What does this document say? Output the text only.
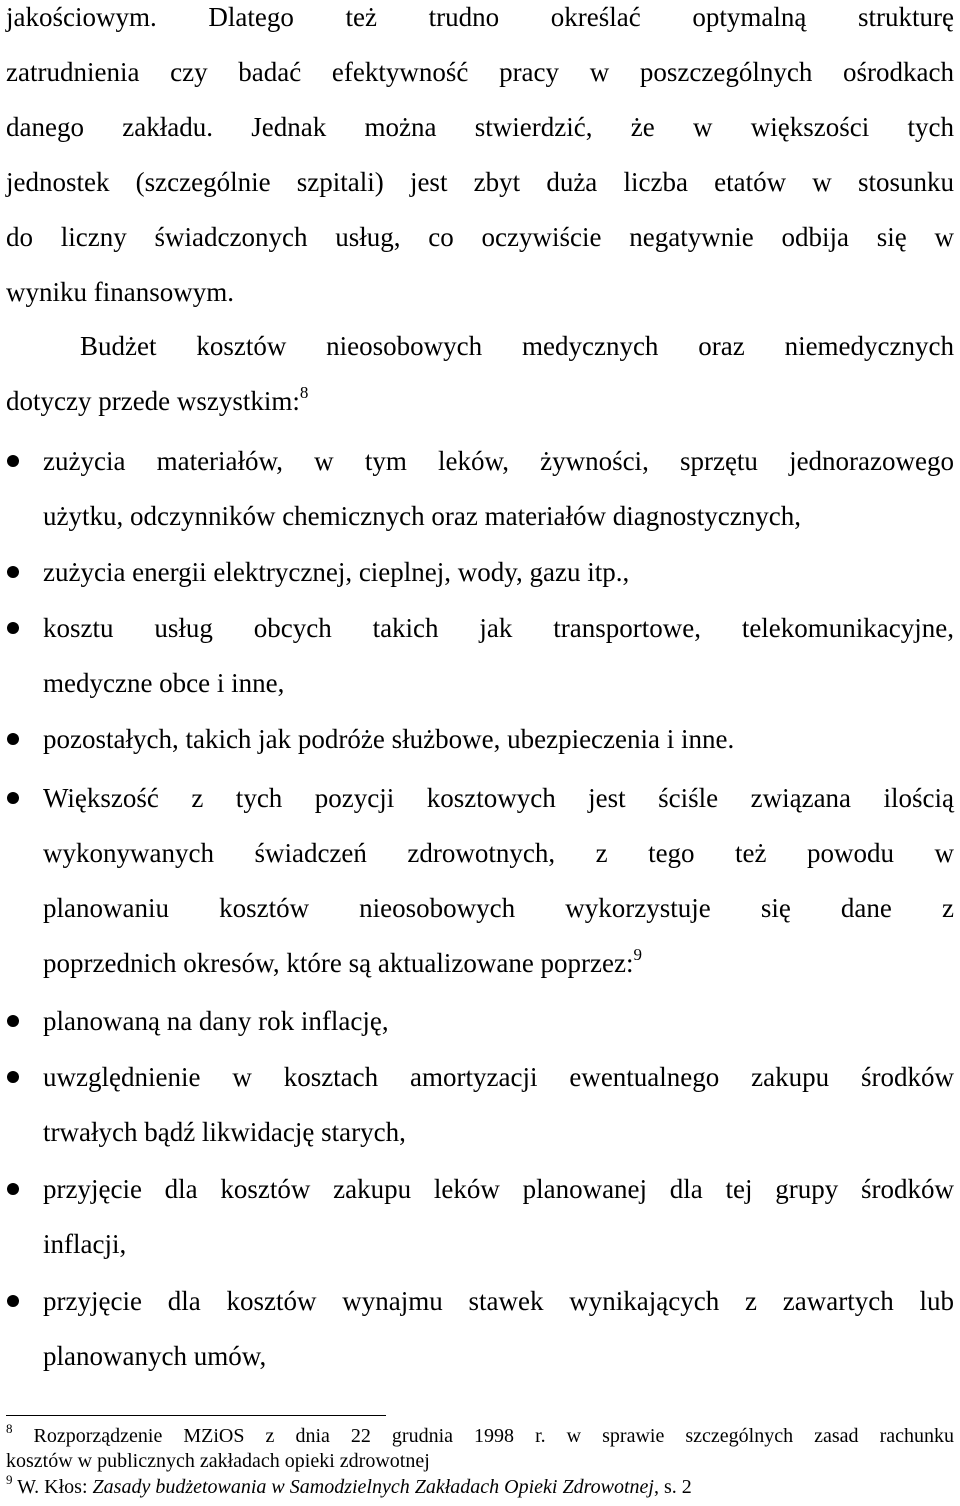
jakościowym. Dlatego też trudno określać optymalną strukturę
zatrudnienia czy badać efektywność pracy w poszczególnych ośrodkach
danego zakładu. Jednak można stwierdzić, że w większości tych
jednostek (szczególnie szpitali) jest zbyt duża liczba etatów w stosunku
do liczny świadczonych usług, co oczywiście negatywnie odbija się w
wyniku finansowym.
Budżet kosztów nieosobowych medycznych oraz niemedycznych
dotyczy przede wszystkim:$^8$
zużycia materiałów, w tym leków, żywności, sprzętu jednorazowego
użytku, odczynników chemicznych oraz materiałów diagnostycznych,
zużycia energii elektrycznej, cieplnej, wody, gazu itp.,
kosztu usług obcych takich jak transportowe, telekomunikacyjne,
medyczne obce i inne,
pozostałych, takich jak podróże służbowe, ubezpieczenia i inne.
Większość z tych pozycji kosztowych jest ściśle związana ilością
wykonywanych świadczeń zdrowotnych, z tego też powodu w
planowaniu kosztów nieosobowych wykorzystuje się dane z
poprzednich okresów, które są aktualizowane poprzez:$^9$
planowaną na dany rok inflację,
uwzględnienie w kosztach amortyzacji ewentualnego zakupu środków
trwałych bądź likwidację starych,
przyjęcie dla kosztów zakupu leków planowanej dla tej grupy środków
inflacji,
przyjęcie dla kosztów wynajmu stawek wynikających z zawartych lub
planowanych umów,
$^8$ Rozporządzenie MZiOS z dnia 22 grudnia 1998 r. w sprawie szczególnych zasad rachunku
kosztów w publicznych zakładach opieki zdrowotnej
$^9$ W. Kłos: Zasady budżetowania w Samodzielnych Zakładach Opieki Zdrowotnej, s. 2
